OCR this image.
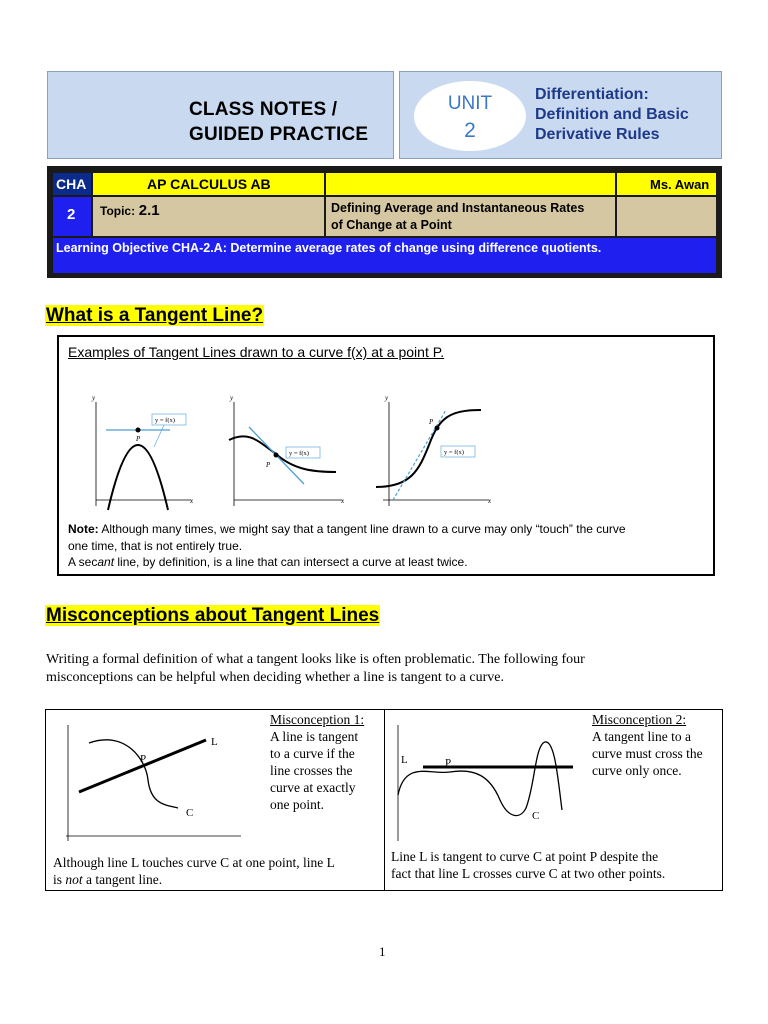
CLASS NOTES /
GUIDED PRACTICE
UNIT
2
Differentiation:
Definition and Basic
Derivative Rules
CHA	AP CALCULUS AB	Ms. Awan
2	Topic: 2.1	Defining Average and Instantaneous Rates
of Change at a Point
Learning Objective CHA-2.A: Determine average rates of change using difference quotients.
What is a Tangent Line?
Examples of Tangent Lines drawn to a curve f(x) at a point P.
y
x
P
y = f(x)
y
x
P
y = f(x)
y
x
P
y = f(x)
Note: Although many times, we might say that a tangent line drawn to a curve may only “touch” the curve
one time, that is not entirely true.
A secant line, by definition, is a line that can intersect a curve at least twice.
Misconceptions about Tangent Lines
Writing a formal definition of what a tangent looks like is often problematic. The following four
misconceptions can be helpful when deciding whether a line is tangent to a curve.
L
P
C
Misconception 1:
A line is tangent
to a curve if the
line crosses the
curve at exactly
one point.
Although line L touches curve C at one point, line L
is not a tangent line.
L	P
C
Misconception 2:
A tangent line to a
curve must cross the
curve only once.
Line L is tangent to curve C at point P despite the
fact that line L crosses curve C at two other points.
1
